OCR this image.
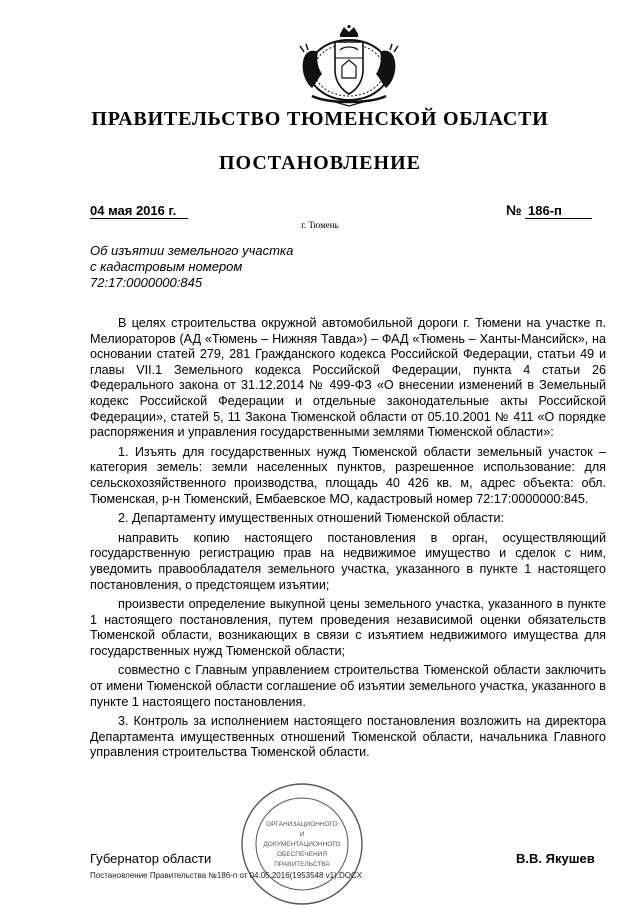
ПРАВИТЕЛЬСТВО ТЮМЕНСКОЙ ОБЛАСТИ
ПОСТАНОВЛЕНИЕ
04 мая 2016 г.	№ 186-п
г. Тюмень
Об изъятии земельного участка
с кадастровым номером
72:17:0000000:845

В целях строительства окружной автомобильной дороги г. Тюмени на участке п. Мелиораторов (АД «Тюмень – Нижняя Тавда») – ФАД «Тюмень – Ханты-Мансийск», на основании статей 279, 281 Гражданского кодекса Российской Федерации, статьи 49 и главы VII.1 Земельного кодекса Российской Федерации, пункта 4 статьи 26 Федерального закона от 31.12.2014 № 499-ФЗ «О внесении изменений в Земельный кодекс Российской Федерации и отдельные законодательные акты Российской Федерации», статей 5, 11 Закона Тюменской области от 05.10.2001 № 411 «О порядке распоряжения и управления государственными землями Тюменской области»:

1. Изъять для государственных нужд Тюменской области земельный участок – категория земель: земли населенных пунктов, разрешенное использование: для сельскохозяйственного производства, площадь 40 426 кв. м, адрес объекта: обл. Тюменская, р-н Тюменский, Ембаевское МО, кадастровый номер 72:17:0000000:845.

2. Департаменту имущественных отношений Тюменской области:

направить копию настоящего постановления в орган, осуществляющий государственную регистрацию прав на недвижимое имущество и сделок с ним, уведомить правообладателя земельного участка, указанного в пункте 1 настоящего постановления, о предстоящем изъятии;

произвести определение выкупной цены земельного участка, указанного в пункте 1 настоящего постановления, путем проведения независимой оценки обязательств Тюменской области, возникающих в связи с изъятием недвижимого имущества для государственных нужд Тюменской области;

совместно с Главным управлением строительства Тюменской области заключить от имени Тюменской области соглашение об изъятии земельного участка, указанного в пункте 1 настоящего постановления.

3. Контроль за исполнением настоящего постановления возложить на директора Департамента имущественных отношений Тюменской области, начальника Главного управления строительства Тюменской области.

ОРГАНИЗАЦИОННОГО
И
ДОКУМЕНТАЦИОННОГО
ОБЕСПЕЧЕНИЯ
ПРАВИТЕЛЬСТВА
Губернатор области	В.В. Якушев
Постановление Правительства №186-п от 04.05.2016(1953548 v1).DOCX
